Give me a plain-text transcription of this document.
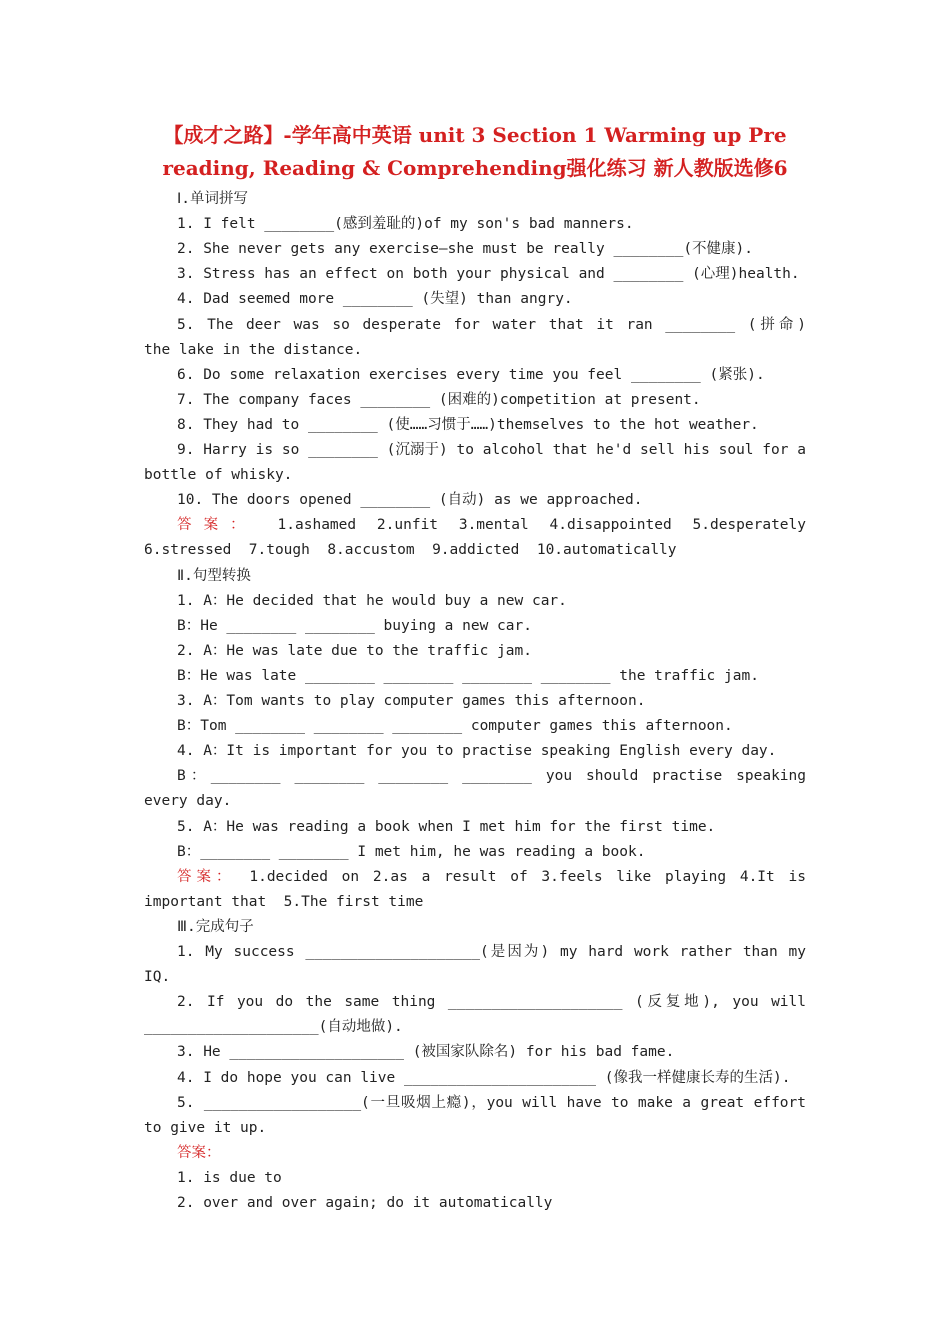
【成才之路】-学年高中英语 unit 3 Section 1 Warming up Pre
reading, Reading & Comprehending强化练习 新人教版选修6
Ⅰ.单词拼写
1. I felt ________(感到羞耻的)of my son's bad manners.
2. She never gets any exercise—she must be really ________(不健康).
3. Stress has an effect on both your physical and ________ (心理)health.
4. Dad seemed more ________ (失望) than angry.
5. The deer was so desperate for water that it ran ________ (拼命)
the lake in the distance.
6. Do some relaxation exercises every time you feel ________ (紧张).
7. The company faces ________ (困难的)competition at present.
8. They had to ________ (使……习惯于……)themselves to the hot weather.
9. Harry is so ________ (沉溺于) to alcohol that he'd sell his soul for a
bottle of whisky.
10. The doors opened ________ (自动) as we approached.
答案： 1.ashamed 2.unfit 3.mental 4.disappointed 5.desperately
6.stressed  7.tough  8.accustom  9.addicted  10.automatically
Ⅱ.句型转换
1. A：He decided that he would buy a new car.
B：He ________ ________ buying a new car.
2. A：He was late due to the traffic jam.
B：He was late ________ ________ ________ ________ the traffic jam.
3. A：Tom wants to play computer games this afternoon.
B：Tom ________ ________ ________ computer games this afternoon.
4. A：It is important for you to practise speaking English every day.
B：________ ________ ________ ________ you should practise speaking
every day.
5. A：He was reading a book when I met him for the first time.
B：________ ________ I met him, he was reading a book.
答案： 1.decided on 2.as a result of 3.feels like playing 4.It is
important that  5.The first time
Ⅲ.完成句子
1. My success ____________________(是因为) my hard work rather than my
IQ.
2. If you do the same thing ____________________ (反复地), you will
____________________(自动地做).
3. He ____________________ (被国家队除名) for his bad fame.
4. I do hope you can live ______________________ (像我一样健康长寿的生活).
5. __________________(一旦吸烟上瘾)，you will have to make a great effort
to give it up.
答案：
1. is due to
2. over and over again; do it automatically
